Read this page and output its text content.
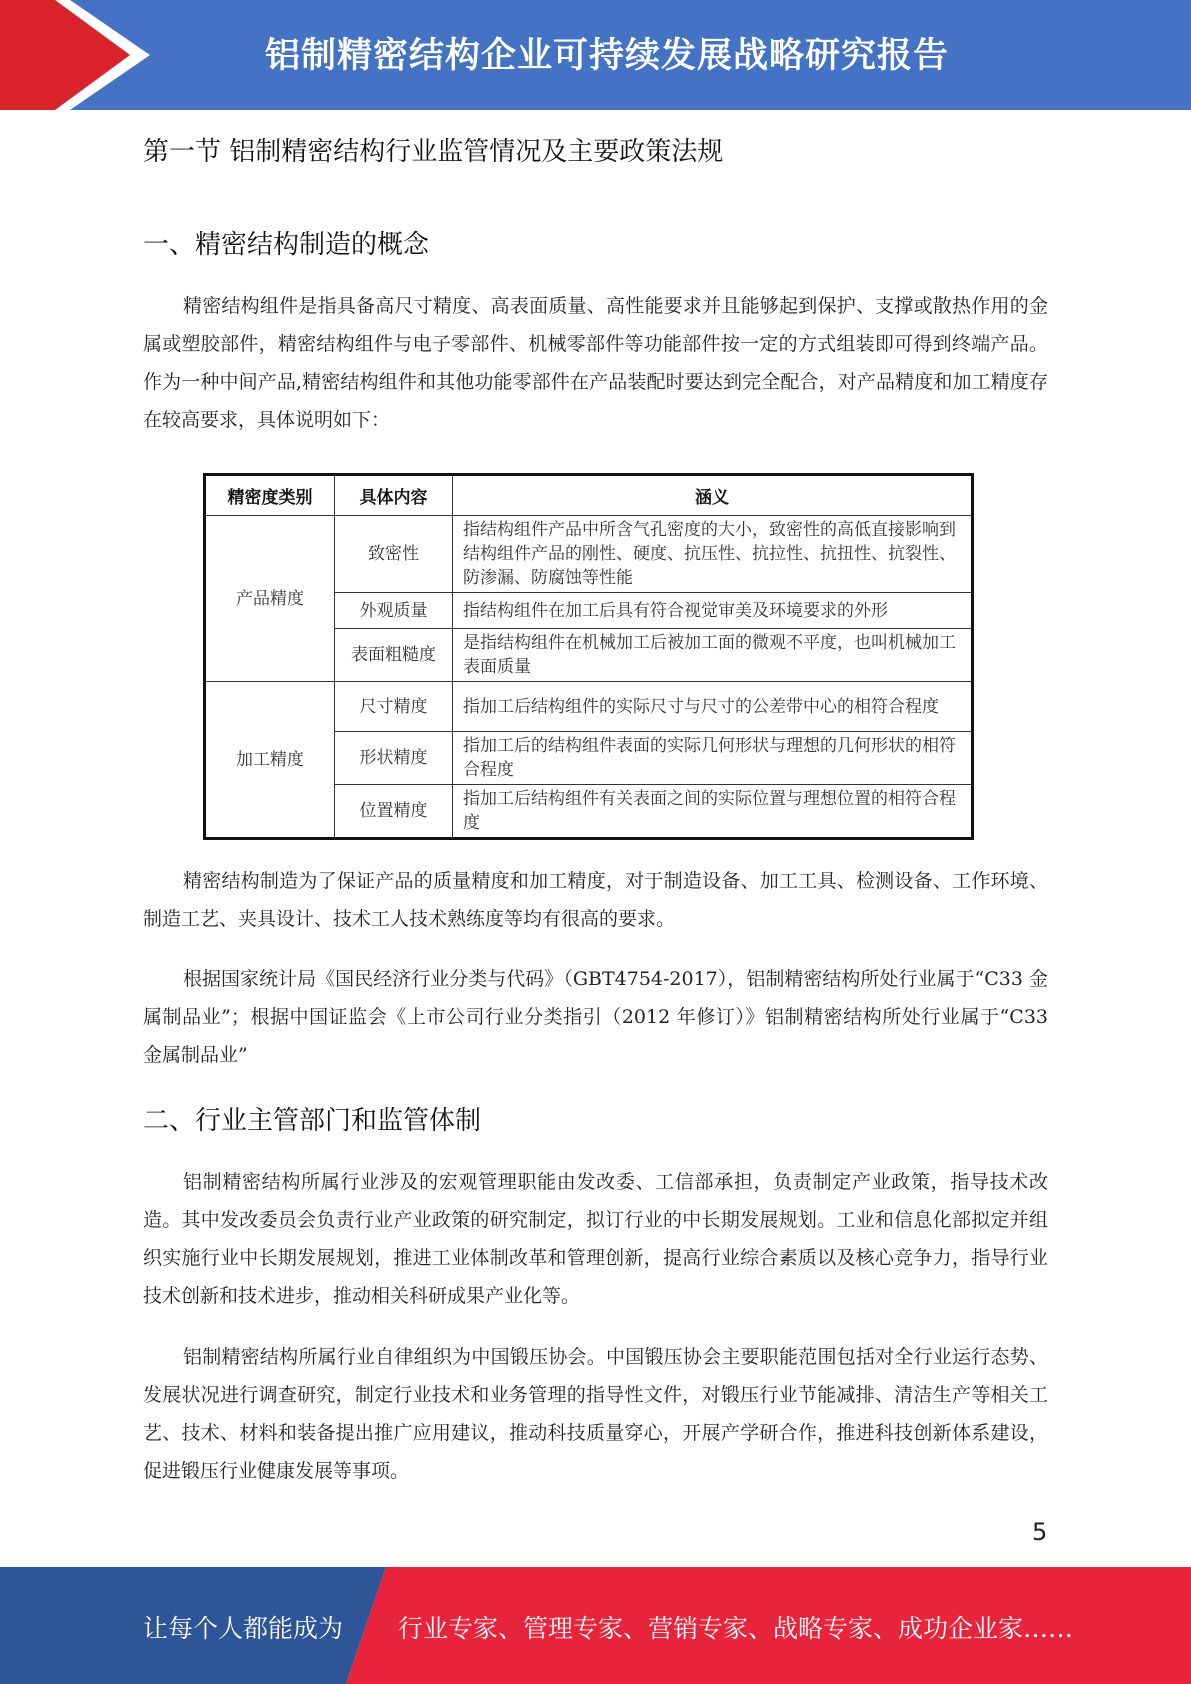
铝制精密结构企业可持续发展战略研究报告
第一节 铝制精密结构行业监管情况及主要政策法规
一、精密结构制造的概念
精密结构组件是指具备高尺寸精度、高表面质量、高性能要求并且能够起到保护、支撑或散热作用的金属或塑胶部件，精密结构组件与电子零部件、机械零部件等功能部件按一定的方式组装即可得到终端产品。作为一种中间产品,精密结构组件和其他功能零部件在产品装配时要达到完全配合，对产品精度和加工精度存在较高要求，具体说明如下：
精密度类别	具体内容	涵义
产品精度	致密性	指结构组件产品中所含气孔密度的大小，致密性的高低直接影响到结构组件产品的刚性、硬度、抗压性、抗拉性、抗扭性、抗裂性、防渗漏、防腐蚀等性能
	外观质量	指结构组件在加工后具有符合视觉审美及环境要求的外形
	表面粗糙度	是指结构组件在机械加工后被加工面的微观不平度，也叫机械加工表面质量
加工精度	尺寸精度	指加工后结构组件的实际尺寸与尺寸的公差带中心的相符合程度
	形状精度	指加工后的结构组件表面的实际几何形状与理想的几何形状的相符合程度
	位置精度	指加工后结构组件有关表面之间的实际位置与理想位置的相符合程度
精密结构制造为了保证产品的质量精度和加工精度，对于制造设备、加工工具、检测设备、工作环境、制造工艺、夹具设计、技术工人技术熟练度等均有很高的要求。
根据国家统计局《国民经济行业分类与代码》（GBT4754-2017），铝制精密结构所处行业属于“C33 金属制品业”；根据中国证监会《上市公司行业分类指引（2012 年修订）》铝制精密结构所处行业属于“C33 金属制品业”
二、行业主管部门和监管体制
铝制精密结构所属行业涉及的宏观管理职能由发改委、工信部承担，负责制定产业政策，指导技术改造。其中发改委员会负责行业产业政策的研究制定，拟订行业的中长期发展规划。工业和信息化部拟定并组织实施行业中长期发展规划，推进工业体制改革和管理创新，提高行业综合素质以及核心竞争力，指导行业技术创新和技术进步，推动相关科研成果产业化等。
铝制精密结构所属行业自律组织为中国锻压协会。中国锻压协会主要职能范围包括对全行业运行态势、发展状况进行调查研究，制定行业技术和业务管理的指导性文件，对锻压行业节能减排、清洁生产等相关工艺、技术、材料和装备提出推广应用建议，推动科技质量穿心，开展产学研合作，推进科技创新体系建设，促进锻压行业健康发展等事项。
5
让每个人都能成为 行业专家、管理专家、营销专家、战略专家、成功企业家……
